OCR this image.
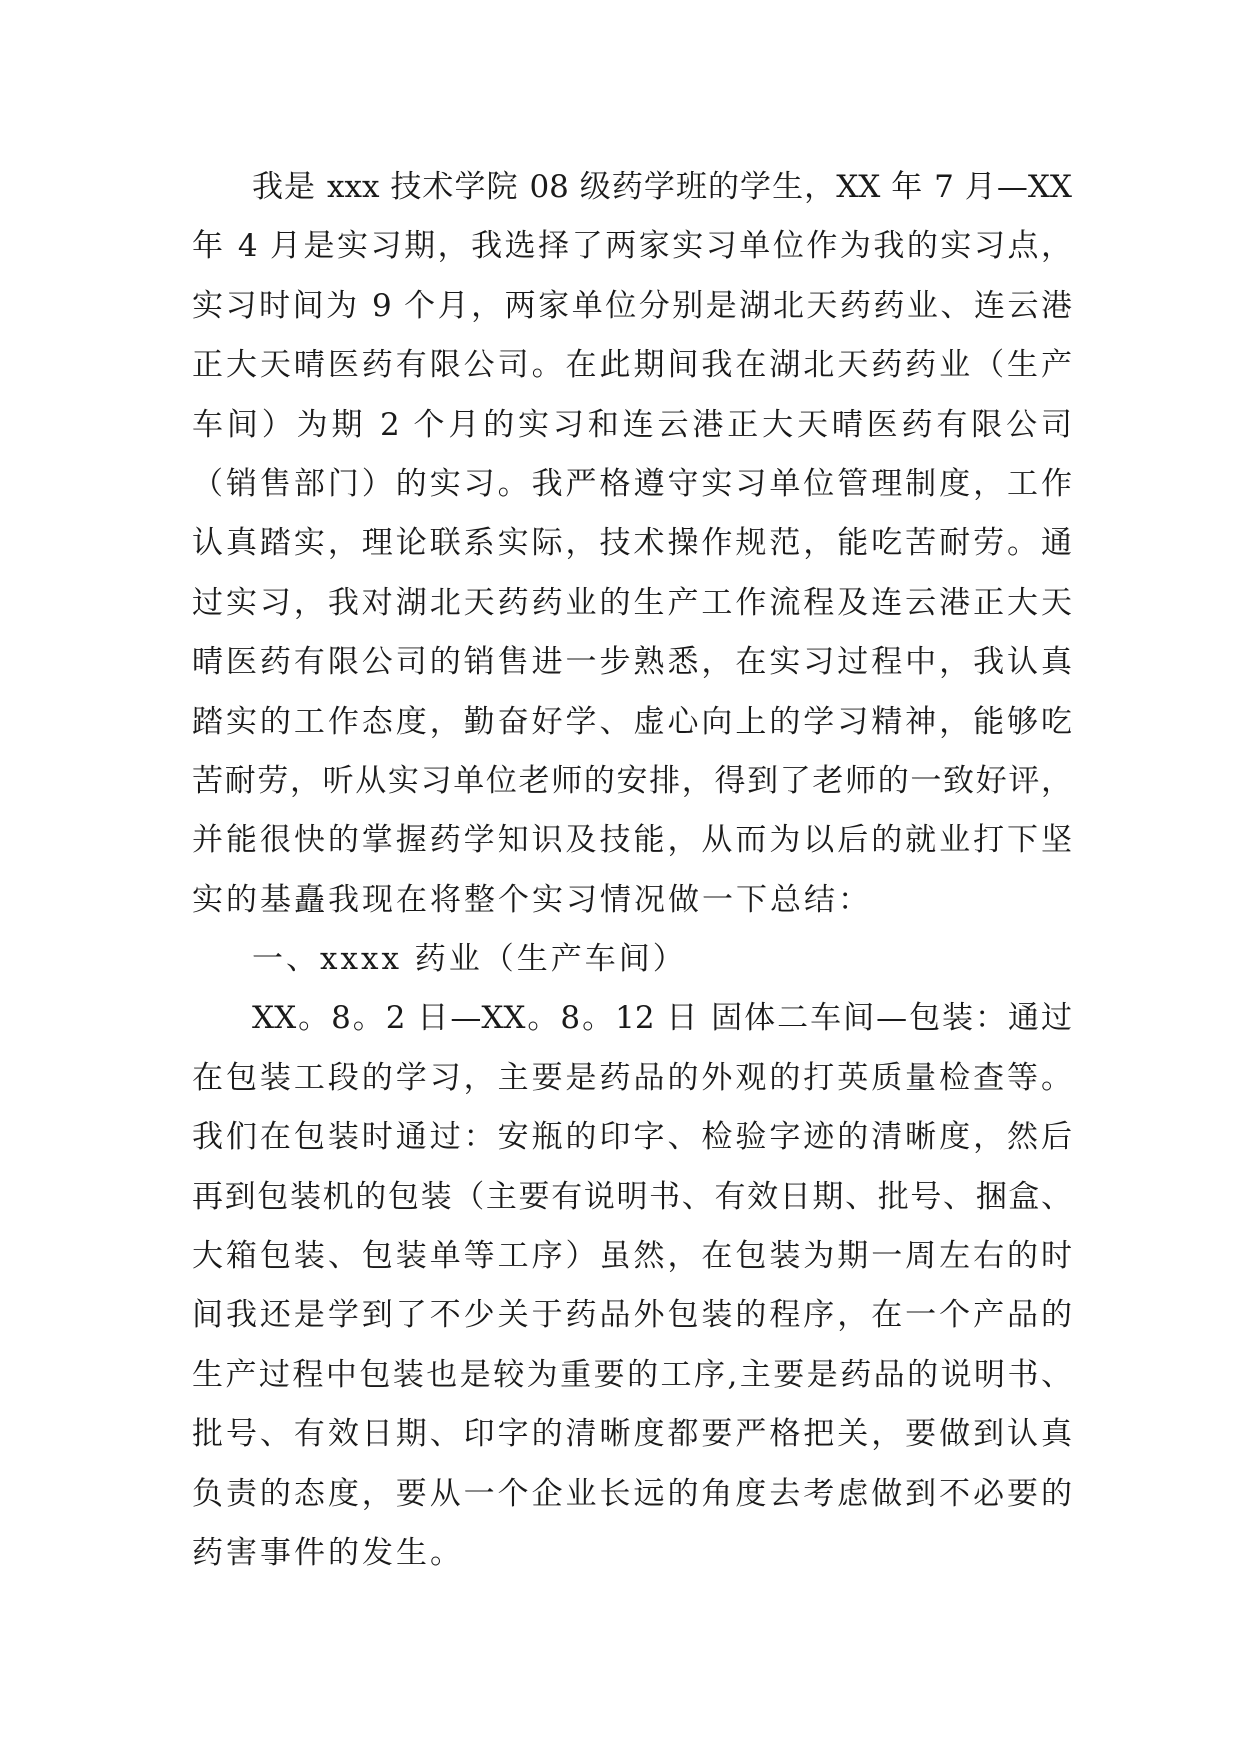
我是 xxx 技术学院 08 级药学班的学生，XX 年 7 月—XX
年 4 月是实习期，我选择了两家实习单位作为我的实习点，
实习时间为 9 个月，两家单位分别是湖北天药药业、连云港
正大天晴医药有限公司。在此期间我在湖北天药药业（生产
车间）为期 2 个月的实习和连云港正大天晴医药有限公司
（销售部门）的实习。我严格遵守实习单位管理制度，工作
认真踏实，理论联系实际，技术操作规范，能吃苦耐劳。通
过实习，我对湖北天药药业的生产工作流程及连云港正大天
晴医药有限公司的销售进一步熟悉，在实习过程中，我认真
踏实的工作态度，勤奋好学、虚心向上的学习精神，能够吃
苦耐劳，听从实习单位老师的安排，得到了老师的一致好评，
并能很快的掌握药学知识及技能，从而为以后的就业打下坚
实的基矗我现在将整个实习情况做一下总结：
一、xxxx 药业（生产车间）
XX。8。2 日—XX。8。12 日 固体二车间—包装：通过
在包装工段的学习，主要是药品的外观的打英质量检查等。
我们在包装时通过：安瓶的印字、检验字迹的清晰度，然后
再到包装机的包装（主要有说明书、有效日期、批号、捆盒、
大箱包装、包装单等工序）虽然，在包装为期一周左右的时
间我还是学到了不少关于药品外包装的程序，在一个产品的
生产过程中包装也是较为重要的工序,主要是药品的说明书、
批号、有效日期、印字的清晰度都要严格把关，要做到认真
负责的态度，要从一个企业长远的角度去考虑做到不必要的
药害事件的发生。
